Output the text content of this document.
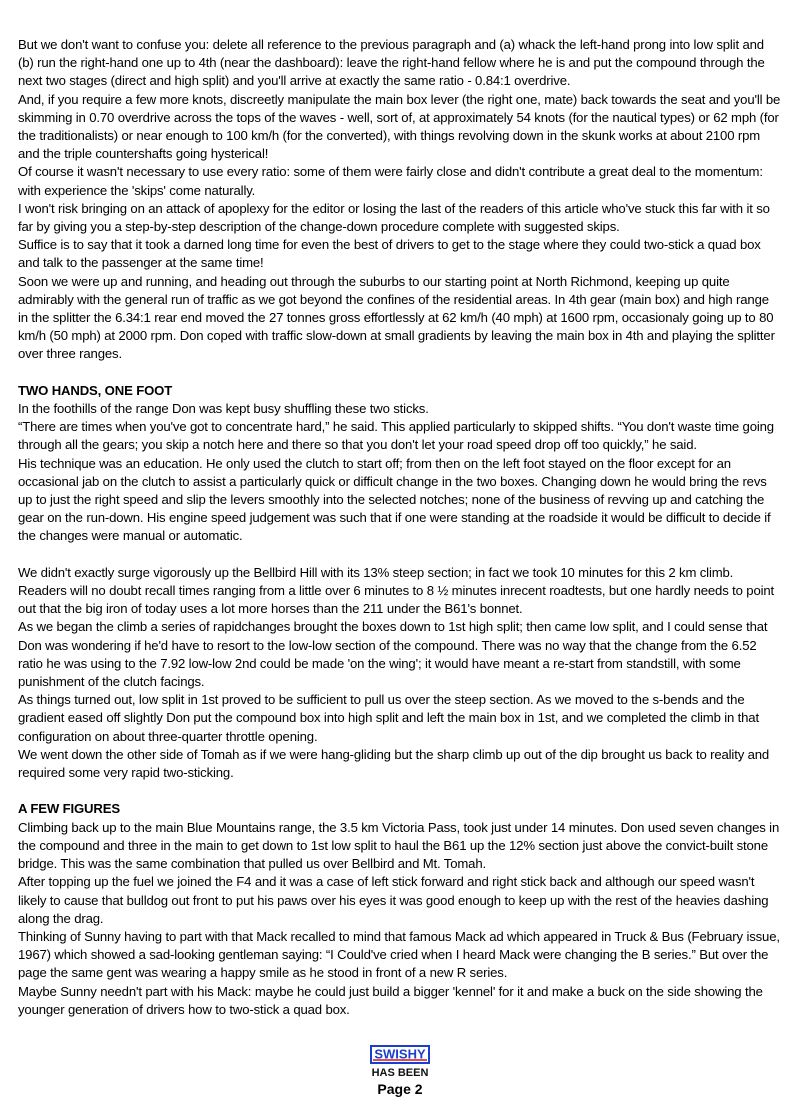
But we don't want to confuse you: delete all reference to the previous paragraph and (a) whack the left-hand prong into low split and (b) run the right-hand one up to 4th (near the dashboard): leave the right-hand fellow where he is and put the compound through the next two stages (direct and high split) and you'll arrive at exactly the same ratio - 0.84:1 overdrive.

And, if you require a few more knots, discreetly manipulate the main box lever (the right one, mate) back towards the seat and you'll be skimming in 0.70 overdrive across the tops of the waves - well, sort of, at approximately 54 knots (for the nautical types) or 62 mph (for the traditionalists) or near enough to 100 km/h (for the converted), with things revolving down in the skunk works at about 2100 rpm and the triple countershafts going hysterical!

Of course it wasn't necessary to use every ratio: some of them were fairly close and didn't contribute a great deal to the momentum: with experience the 'skips' come naturally.

I won't risk bringing on an attack of apoplexy for the editor or losing the last of the readers of this article who've stuck this far with it so far by giving you a step-by-step description of the change-down procedure complete with suggested skips.

Suffice is to say that it took a darned long time for even the best of drivers to get to the stage where they could two-stick a quad box and talk to the passenger at the same time!

Soon we were up and running, and heading out through the suburbs to our starting point at North Richmond, keeping up quite admirably with the general run of traffic as we got beyond the confines of the residential areas. In 4th gear (main box) and high range in the splitter the 6.34:1 rear end moved the 27 tonnes gross effortlessly at 62 km/h (40 mph) at 1600 rpm, occasionaly going up to 80 km/h (50 mph) at 2000 rpm. Don coped with traffic slow-down at small gradients by leaving the main box in 4th and playing the splitter over three ranges.

TWO HANDS, ONE FOOT

In the foothills of the range Don was kept busy shuffling these two sticks.

“There are times when you've got to concentrate hard,” he said. This applied particularly to skipped shifts. “You don't waste time going through all the gears; you skip a notch here and there so that you don't let your road speed drop off too quickly,” he said.

His technique was an education. He only used the clutch to start off; from then on the left foot stayed on the floor except for an occasional jab on the clutch to assist a particularly quick or difficult change in the two boxes. Changing down he would bring the revs up to just the right speed and slip the levers smoothly into the selected notches; none of the business of revving up and catching the gear on the run-down. His engine speed judgement was such that if one were standing at the roadside it would be difficult to decide if the changes were manual or automatic.

We didn't exactly surge vigorously up the Bellbird Hill with its 13% steep section; in fact we took 10 minutes for this 2 km climb. Readers will no doubt recall times ranging from a little over 6 minutes to 8 ½ minutes inrecent roadtests, but one hardly needs to point out that the big iron of today uses a lot more horses than the 211 under the B61's bonnet.

As we began the climb a series of rapidchanges brought the boxes down to 1st high split; then came low split, and I could sense that Don was wondering if he'd have to resort to the low-low section of the compound. There was no way that the change from the 6.52 ratio he was using to the 7.92 low-low 2nd could be made 'on the wing'; it would have meant a re-start from standstill, with some punishment of the clutch facings.

As things turned out, low split in 1st proved to be sufficient to pull us over the steep section. As we moved to the s-bends and the gradient eased off slightly Don put the compound box into high split and left the main box in 1st, and we completed the climb in that configuration on about three-quarter throttle opening.

We went down the other side of Tomah as if we were hang-gliding but the sharp climb up out of the dip brought us back to reality and required some very rapid two-sticking.

A FEW FIGURES

Climbing back up to the main Blue Mountains range, the 3.5 km Victoria Pass, took just under 14 minutes. Don used seven changes in the compound and three in the main to get down to 1st low split to haul the B61 up the 12% section just above the convict-built stone bridge. This was the same combination that pulled us over Bellbird and Mt. Tomah.

After topping up the fuel we joined the F4 and it was a case of left stick forward and right stick back and although our speed wasn't likely to cause that bulldog out front to put his paws over his eyes it was good enough to keep up with the rest of the heavies dashing along the drag.

Thinking of Sunny having to part with that Mack recalled to mind that famous Mack ad which appeared in Truck & Bus (February issue, 1967) which showed a sad-looking gentleman saying: “I Could've cried when I heard Mack were changing the B series.” But over the page the same gent was wearing a happy smile as he stood in front of a new R series.

Maybe Sunny needn't part with his Mack: maybe he could just build a bigger 'kennel' for it and make a buck on the side showing the younger generation of drivers how to two-stick a quad box.

SWISHY
HAS BEEN
Page 2
